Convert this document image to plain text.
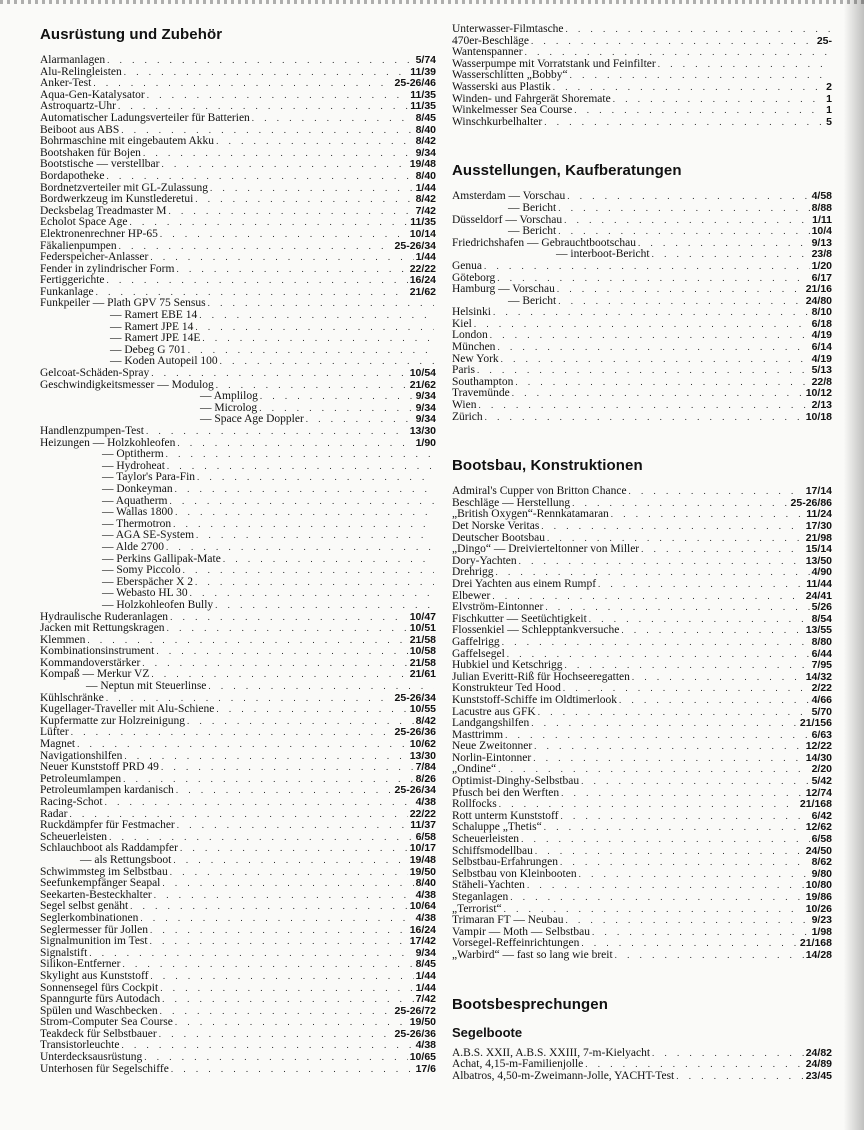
Ausrüstung und Zubehör
Alarmanlagen . . .	5/74
Alu-Relingleisten . . .	11/39
Anker-Test . . .	25-26/46
Aqua-Gen-Katalysator . . .	11/35
Astroquartz-Uhr . . .	11/35
Automatischer Ladungsverteiler für Batterien . . .	8/45
Beiboot aus ABS . . .	8/40
Bohrmaschine mit eingebautem Akku . . .	8/42
Bootshaken für Bojen . . .	9/34
Bootstische — verstellbar . . .	19/48
Bordapotheke . . .	8/40
Bordnetzverteiler mit GL-Zulassung . . .	1/44
Bordwerkzeug im Kunstlederetui . . .	8/42
Decksbelag Treadmaster M . . .	7/42
Echolot Space Age . . .	11/35
Elektronenrechner HP-65 . . .	10/14
Fäkalienpumpen . . .	25-26/34
Federspeicher-Anlasser . . .	1/44
Fender in zylindrischer Form . . .	22/22
Fertiggerichte . . .	16/24
Funkanlage . . .	21/62
Funkpeiler — Plath GPV 75 Sensus
. . .
— Ramert EBE 14
. . .
— Ramert JPE 14
. . .
— Ramert JPE 14E
. . .
— Debeg G 701
. . .
— Koden Autopeil 100
. . .
Gelcoat-Schäden-Spray . . .	10/54
Geschwindigkeitsmesser — Modulog . . .	21/62
— Amplilog . . .	9/34
— Microlog . . .	9/34
— Space Age Doppler . . .	9/34
Handlenzpumpen-Test . . .	13/30
Heizungen — Holzkohleofen . . .	1/90
— Optitherm
. . .
— Hydroheat
. . .
— Taylor's Para-Fin
. . .
— Donkeyman
. . .
— Aquatherm
. . .
— Wallas 1800
. . .
— Thermotron
. . .
— AGA SE-System
. . .
— Alde 2700
. . .
— Perkins Gallipak-Mate
. . .
— Somy Piccolo
. . .
— Eberspächer X 2
. . .
— Webasto HL 30
. . .
— Holzkohleofen Bully
. . .
Hydraulische Ruderanlagen . . .	10/47
Jacken mit Rettungskragen . . .	10/51
Klemmen . . .	21/58
Kombinationsinstrument . . .	10/58
Kommandoverstärker . . .	21/58
Kompaß — Merkur VZ . . .	21/61
— Neptun mit Steuerlinse
. . .
Kühlschränke . . .	25-26/34
Kugellager-Traveller mit Alu-Schiene . . .	10/55
Kupfermatte zur Holzreinigung . . .	8/42
Lüfter . . .	25-26/36
Magnet . . .	10/62
Navigationshilfen . . .	13/30
Neuer Kunststoff PRD 49 . . .	7/84
Petroleumlampen . . .	8/26
Petroleumlampen kardanisch . . .	25-26/34
Racing-Schot . . .	4/38
Radar . . .	22/22
Ruckdämpfer für Festmacher . . .	11/37
Scheuerleisten . . .	6/58
Schlauchboot als Raddampfer . . .	10/17
— als Rettungsboot . . .	19/48
Schwimmsteg im Selbstbau . . .	19/50
Seefunkempfänger Seapal . . .	8/40
Seekarten-Besteckhalter . . .	4/38
Segel selbst genäht . . .	10/64
Seglerkombinationen . . .	4/38
Seglermesser für Jollen . . .	16/24
Signalmunition im Test . . .	17/42
Signalstift . . .	9/34
Silikon-Entferner . . .	8/45
Skylight aus Kunststoff . . .	1/44
Sonnensegel fürs Cockpit . . .	1/44
Spanngurte fürs Autodach . . .	7/42
Spülen und Waschbecken . . .	25-26/72
Strom-Computer Sea Course . . .	19/50
Teakdeck für Selbstbauer . . .	25-26/36
Transistorleuchte . . .	4/38
Unterdecksausrüstung . . .	10/65
Unterhosen für Segelschiffe . . .	17/6
Unterwasser-Filmtasche
. . .
470er-Beschläge . . .	25-
Wantenspanner
. . .
Wasserpumpe mit Vorratstank und Feinfilter
. . .
Wasserschlitten „Bobby“
. . .
Wasserski aus Plastik . . .	2
Winden- und Fahrgerät Shoremate . . .	1
Winkelmesser Sea Course . . .	1
Winschkurbelhalter . . .	5
Ausstellungen, Kaufberatungen
Amsterdam — Vorschau . . .	4/58
— Bericht . . .	8/88
Düsseldorf — Vorschau . . .	1/11
— Bericht . . .	10/4
Friedrichshafen — Gebrauchtbootschau . . .	9/13
— interboot-Bericht . . .	23/8
Genua . . .	1/20
Göteborg . . .	6/17
Hamburg — Vorschau . . .	21/16
— Bericht . . .	24/80
Helsinki . . .	8/10
Kiel . . .	6/18
London . . .	4/19
München . . .	6/14
New York . . .	4/19
Paris . . .	5/13
Southampton . . .	22/8
Travemünde . . .	10/12
Wien . . .	2/13
Zürich . . .	10/18
Bootsbau, Konstruktionen
Admiral's Cupper von Britton Chance . . .	17/14
Beschläge — Herstellung . . .	25-26/86
„British Oxygen“-Rennkatamaran . . .	11/24
Det Norske Veritas . . .	17/30
Deutscher Bootsbau . . .	21/98
„Dingo“ — Dreivierteltonner von Miller . . .	15/14
Dory-Yachten . . .	13/50
Drehrigg . . .	4/90
Drei Yachten aus einem Rumpf . . .	11/44
Elbewer . . .	24/41
Elvström-Eintonner . . .	5/26
Fischkutter — Seetüchtigkeit . . .	8/54
Flossenkiel — Schlepptankversuche . . .	13/55
Gaffelrigg . . .	8/80
Gaffelsegel . . .	6/44
Hubkiel und Ketschrigg . . .	7/95
Julian Everitt-Riß für Hochseeregatten . . .	14/32
Konstrukteur Ted Hood . . .	2/22
Kunststoff-Schiffe im Oldtimerlook . . .	4/66
Lacustre aus GFK . . .	5/70
Landgangshilfen . . .	21/156
Masttrimm . . .	6/63
Neue Zweitonner . . .	12/22
Norlin-Eintonner . . .	14/30
„Ondine“ . . .	2/20
Optimist-Dinghy-Selbstbau . . .	5/42
Pfusch bei den Werften . . .	12/74
Rollfocks . . .	21/168
Rott unterm Kunststoff . . .	6/42
Schaluppe „Thetis“ . . .	12/62
Scheuerleisten . . .	6/58
Schiffsmodellbau . . .	24/50
Selbstbau-Erfahrungen . . .	8/62
Selbstbau von Kleinbooten . . .	9/80
Stäheli-Yachten . . .	10/80
Steganlagen . . .	19/86
„Terrorist“ . . .	10/26
Trimaran FT — Neubau . . .	9/23
Vampir — Moth — Selbstbau . . .	1/98
Vorsegel-Reffeinrichtungen . . .	21/168
„Warbird“ — fast so lang wie breit . . .	14/28
Bootsbesprechungen
Segelboote
A.B.S. XXII, A.B.S. XXIII, 7-m-Kielyacht . . .	24/82
Achat, 4,15-m-Familienjolle . . .	24/89
Albatros, 4,50-m-Zweimann-Jolle, YACHT-Test . . .	23/45
